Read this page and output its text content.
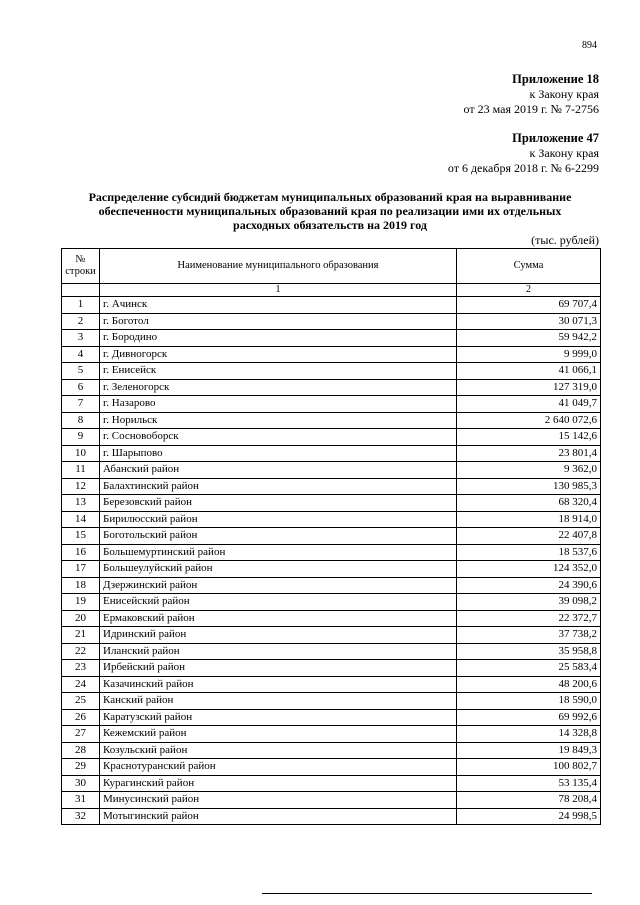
894
Приложение 18
к Закону края
от 23 мая 2019 г. № 7-2756
Приложение 47
к Закону края
от 6 декабря 2018 г. № 6-2299
Распределение субсидий бюджетам муниципальных образований края на выравнивание
обеспеченности муниципальных образований края по реализации ими их отдельных
расходных обязательств на 2019 год
(тыс. рублей)
№
строки	Наименование муниципального образования	Сумма
	1	2
1	г. Ачинск	69 707,4
2	г. Боготол	30 071,3
3	г. Бородино	59 942,2
4	г. Дивногорск	9 999,0
5	г. Енисейск	41 066,1
6	г. Зеленогорск	127 319,0
7	г. Назарово	41 049,7
8	г. Норильск	2 640 072,6
9	г. Сосновоборск	15 142,6
10	г. Шарыпово	23 801,4
11	Абанский район	9 362,0
12	Балахтинский район	130 985,3
13	Березовский район	68 320,4
14	Бирилюсский район	18 914,0
15	Боготольский район	22 407,8
16	Большемуртинский район	18 537,6
17	Большеулуйский район	124 352,0
18	Дзержинский район	24 390,6
19	Енисейский район	39 098,2
20	Ермаковский район	22 372,7
21	Идринский район	37 738,2
22	Иланский район	35 958,8
23	Ирбейский район	25 583,4
24	Казачинский район	48 200,6
25	Канский район	18 590,0
26	Каратузский район	69 992,6
27	Кежемский район	14 328,8
28	Козульский район	19 849,3
29	Краснотуранский район	100 802,7
30	Курагинский район	53 135,4
31	Минусинский район	78 208,4
32	Мотыгинский район	24 998,5
